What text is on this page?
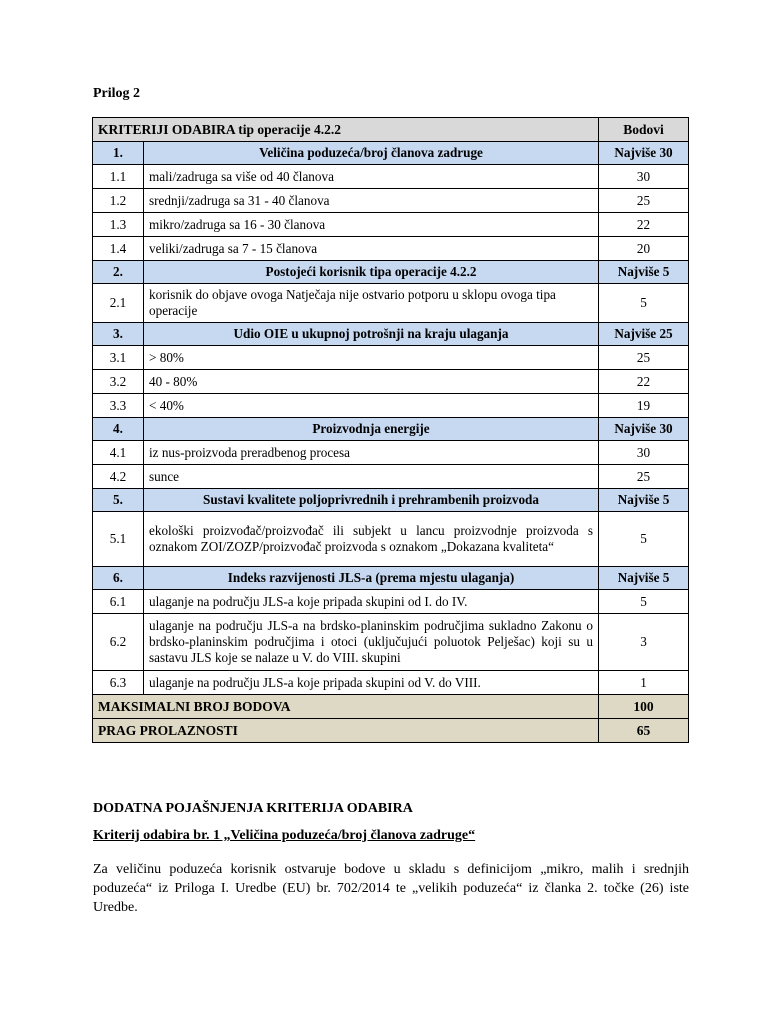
Prilog 2
KRITERIJI ODABIRA tip operacije 4.2.2		Bodovi
1.	Veličina poduzeća/broj članova zadruge	Najviše 30
1.1	mali/zadruga sa više od 40 članova	30
1.2	srednji/zadruga sa 31 - 40 članova	25
1.3	mikro/zadruga sa 16 - 30 članova	22
1.4	veliki/zadruga sa 7 - 15 članova	20
2.	Postojeći korisnik tipa operacije 4.2.2	Najviše 5
2.1	korisnik do objave ovoga Natječaja nije ostvario potporu u sklopu ovoga tipa operacije	5
3.	Udio OIE u ukupnoj potrošnji na kraju ulaganja	Najviše 25
3.1	> 80%	25
3.2	40 - 80%	22
3.3	< 40%	19
4.	Proizvodnja energije	Najviše 30
4.1	iz nus-proizvoda preradbenog procesa	30
4.2	sunce	25
5.	Sustavi kvalitete poljoprivrednih i prehrambenih proizvoda	Najviše 5
5.1	ekološki proizvođač/proizvođač ili subjekt u lancu proizvodnje proizvoda s oznakom ZOI/ZOZP/proizvođač proizvoda s oznakom „Dokazana kvaliteta“	5
6.	Indeks razvijenosti JLS-a (prema mjestu ulaganja)	Najviše 5
6.1	ulaganje na području JLS-a koje pripada skupini od I. do IV.	5
6.2	ulaganje na području JLS-a na brdsko-planinskim područjima sukladno Zakonu o brdsko-planinskim područjima i otoci (uključujući poluotok Pelješac) koji su u sastavu JLS koje se nalaze u V. do VIII. skupini	3
6.3	ulaganje na području JLS-a koje pripada skupini od V. do VIII.	1
MAKSIMALNI BROJ BODOVA		100
PRAG PROLAZNOSTI		65
DODATNA POJAŠNJENJA KRITERIJA ODABIRA
Kriterij odabira br. 1 „Veličina poduzeća/broj članova zadruge“
Za veličinu poduzeća korisnik ostvaruje bodove u skladu s definicijom „mikro, malih i srednjih poduzeća“ iz Priloga I. Uredbe (EU) br. 702/2014 te „velikih poduzeća“ iz članka 2. točke (26) iste Uredbe.
